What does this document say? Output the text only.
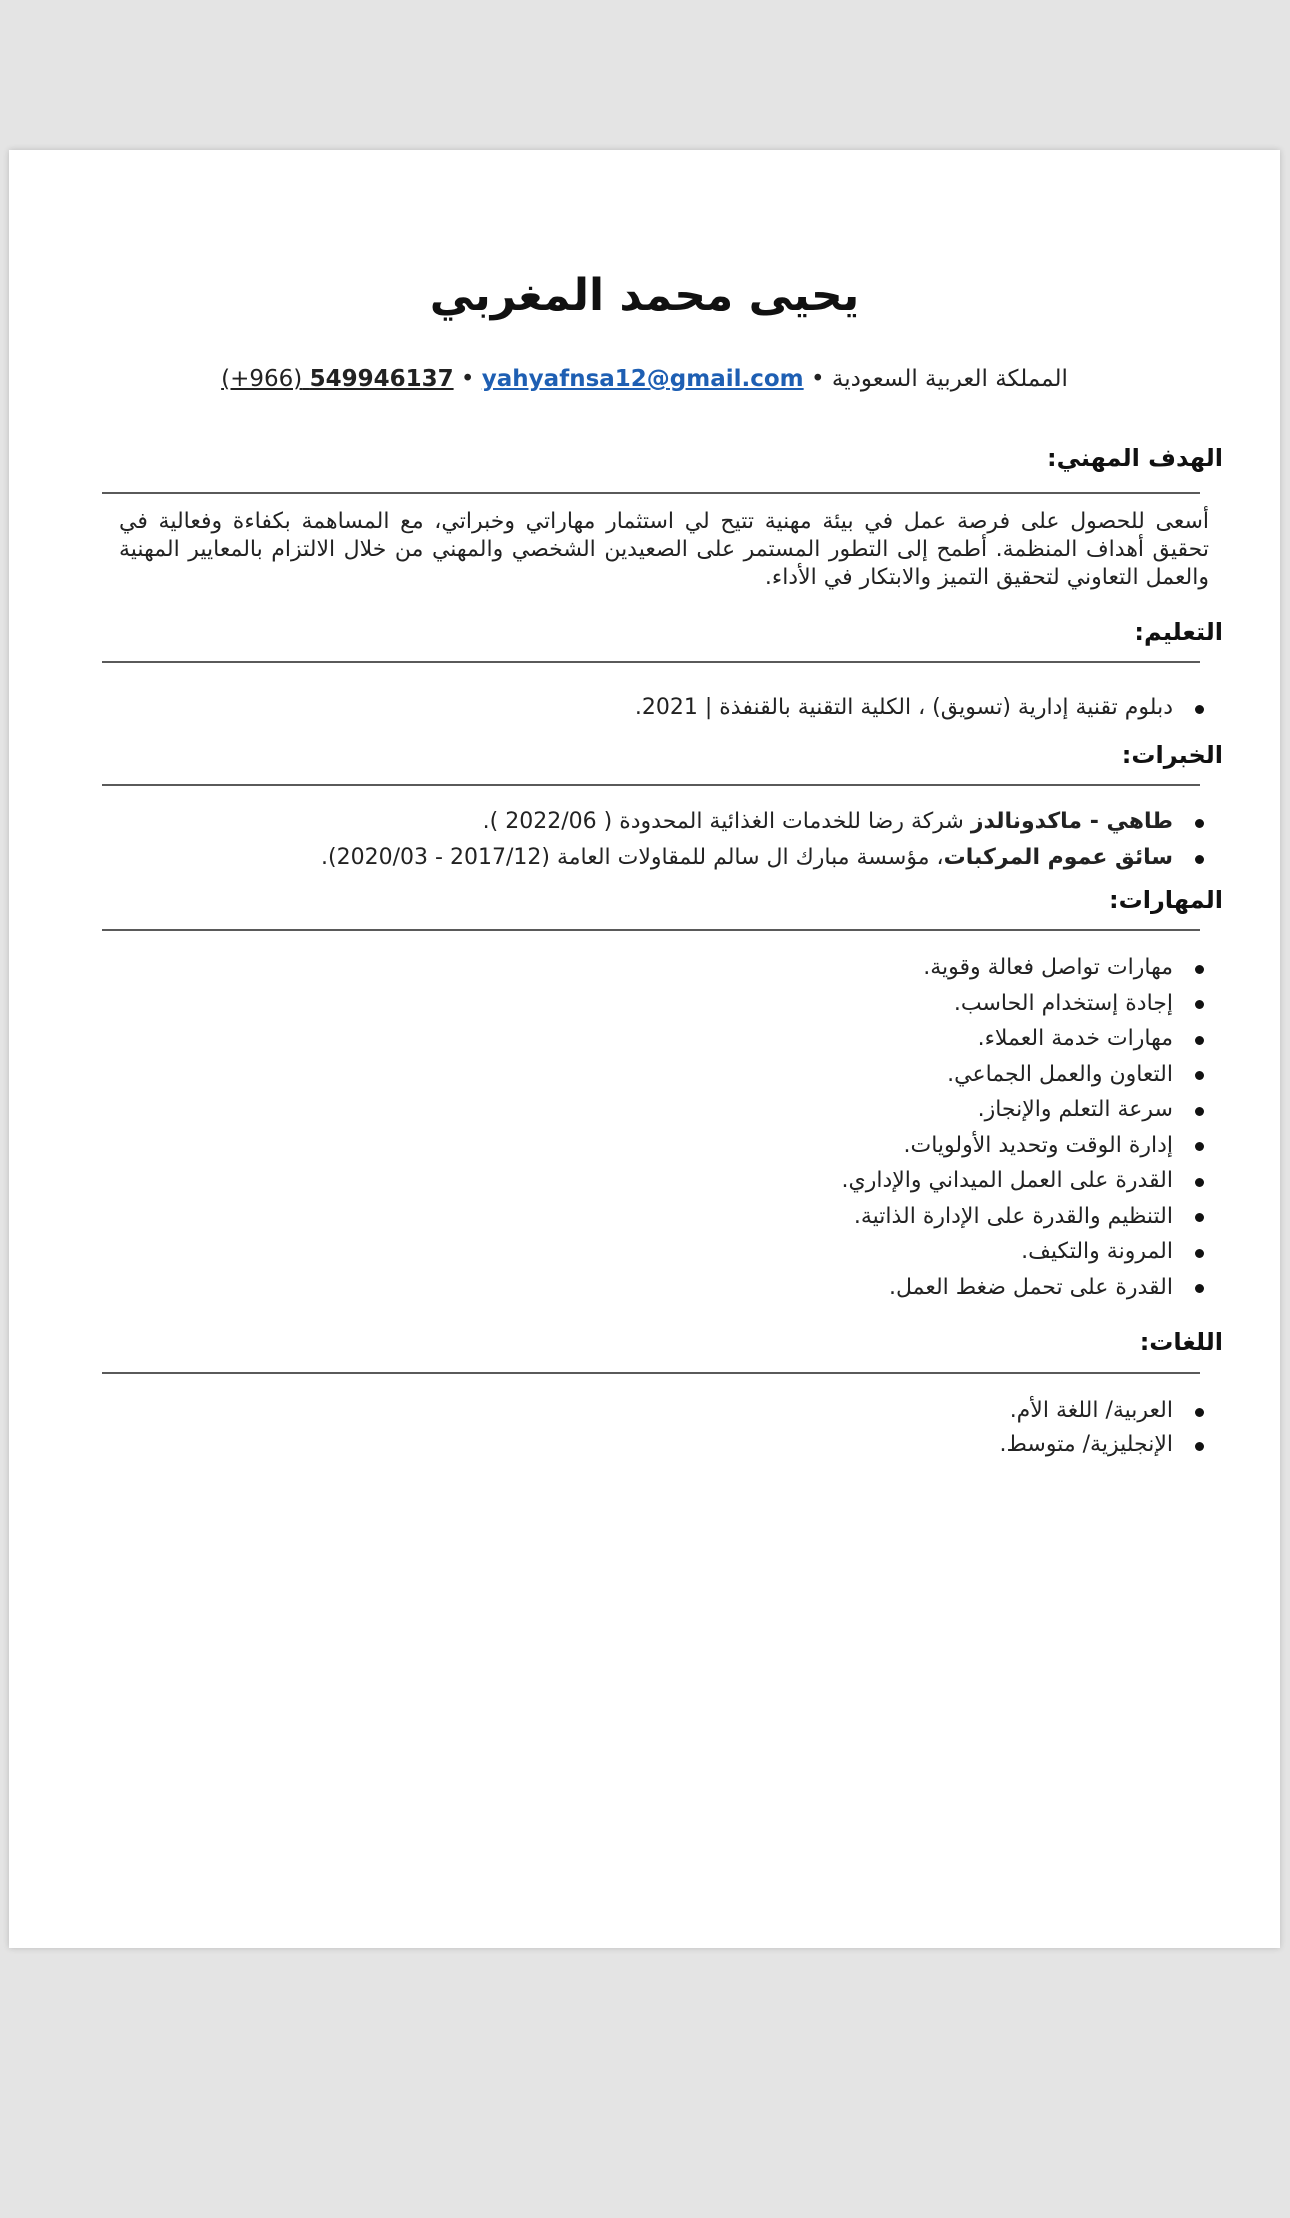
يحيى محمد المغربي
المملكة العربية السعودية • yahyafnsa12@gmail.com • (+966) 549946137
الهدف المهني:
أسعى للحصول على فرصة عمل في بيئة مهنية تتيح لي استثمار مهاراتي وخبراتي، مع المساهمة بكفاءة وفعالية في تحقيق أهداف المنظمة. أطمح إلى التطور المستمر على الصعيدين الشخصي والمهني من خلال الالتزام بالمعايير المهنية والعمل التعاوني لتحقيق التميز والابتكار في الأداء.
التعليم:
دبلوم تقنية إدارية (تسويق) ، الكلية التقنية بالقنفذة | 2021.
الخبرات:
طاهي - ماكدونالدز شركة رضا للخدمات الغذائية المحدودة ( 2022/06 ).
سائق عموم المركبات، مؤسسة مبارك ال سالم للمقاولات العامة (2017/12 - 2020/03).
المهارات:
مهارات تواصل فعالة وقوية.
إجادة إستخدام الحاسب.
مهارات خدمة العملاء.
التعاون والعمل الجماعي.
سرعة التعلم والإنجاز.
إدارة الوقت وتحديد الأولويات.
القدرة على العمل الميداني والإداري.
التنظيم والقدرة على الإدارة الذاتية.
المرونة والتكيف.
القدرة على تحمل ضغط العمل.
اللغات:
العربية/ اللغة الأم.
الإنجليزية/ متوسط.
